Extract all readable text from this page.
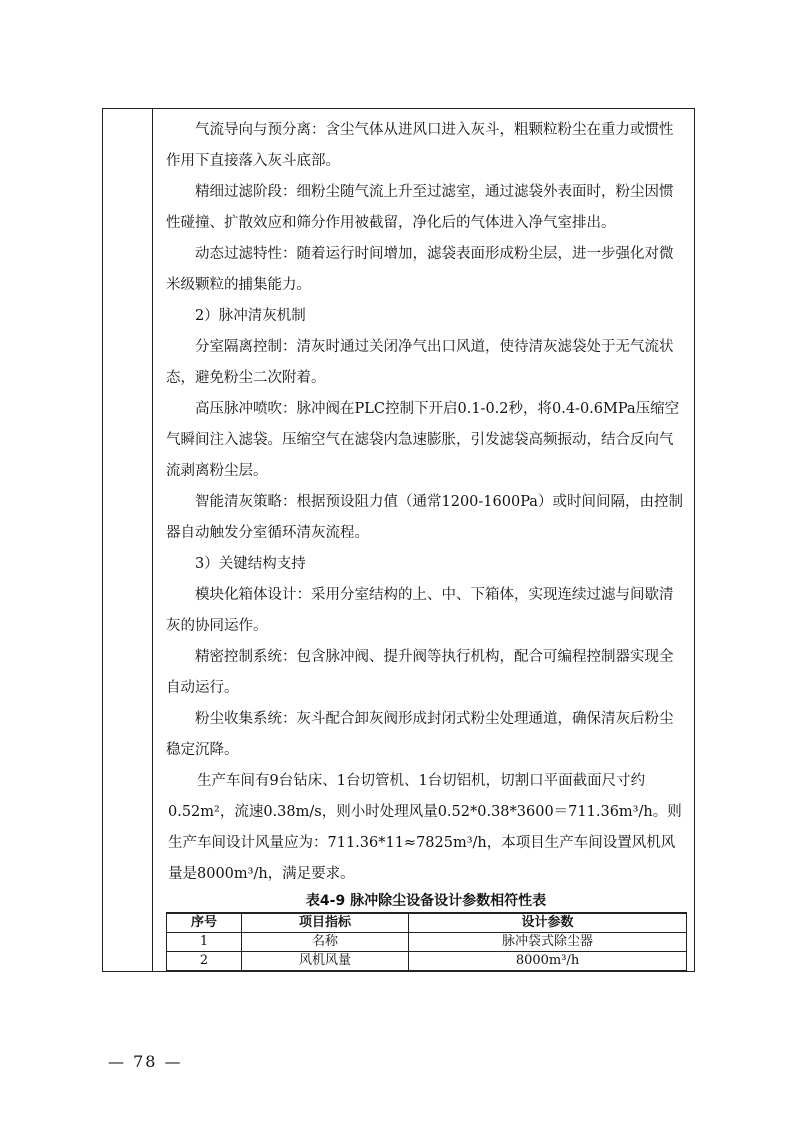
气流导向与预分离：含尘气体从进风口进入灰斗，粗颗粒粉尘在重力或惯性作用下直接落入灰斗底部。

精细过滤阶段：细粉尘随气流上升至过滤室，通过滤袋外表面时，粉尘因惯性碰撞、扩散效应和筛分作用被截留，净化后的气体进入净气室排出。

动态过滤特性：随着运行时间增加，滤袋表面形成粉尘层，进一步强化对微米级颗粒的捕集能力。

2）脉冲清灰机制

分室隔离控制：清灰时通过关闭净气出口风道，使待清灰滤袋处于无气流状态，避免粉尘二次附着。

高压脉冲喷吹：脉冲阀在PLC控制下开启0.1-0.2秒，将0.4-0.6MPa压缩空气瞬间注入滤袋。压缩空气在滤袋内急速膨胀，引发滤袋高频振动，结合反向气流剥离粉尘层。

智能清灰策略：根据预设阻力值（通常1200-1600Pa）或时间间隔，由控制器自动触发分室循环清灰流程。

3）关键结构支持

模块化箱体设计：采用分室结构的上、中、下箱体，实现连续过滤与间歇清灰的协同运作。

精密控制系统：包含脉冲阀、提升阀等执行机构，配合可编程控制器实现全自动运行。

粉尘收集系统：灰斗配合卸灰阀形成封闭式粉尘处理通道，确保清灰后粉尘稳定沉降。

生产车间有9台钻床、1台切管机、1台切铝机，切割口平面截面尺寸约0.52m²，流速0.38m/s，则小时处理风量0.52*0.38*3600＝711.36m³/h。则生产车间设计风量应为：711.36*11≈7825m³/h，本项目生产车间设置风机风量是8000m³/h，满足要求。

表4-9 脉冲除尘设备设计参数相符性表
序号	项目指标	设计参数
1	名称	脉冲袋式除尘器
2	风机风量	8000m³/h
— 78 —
